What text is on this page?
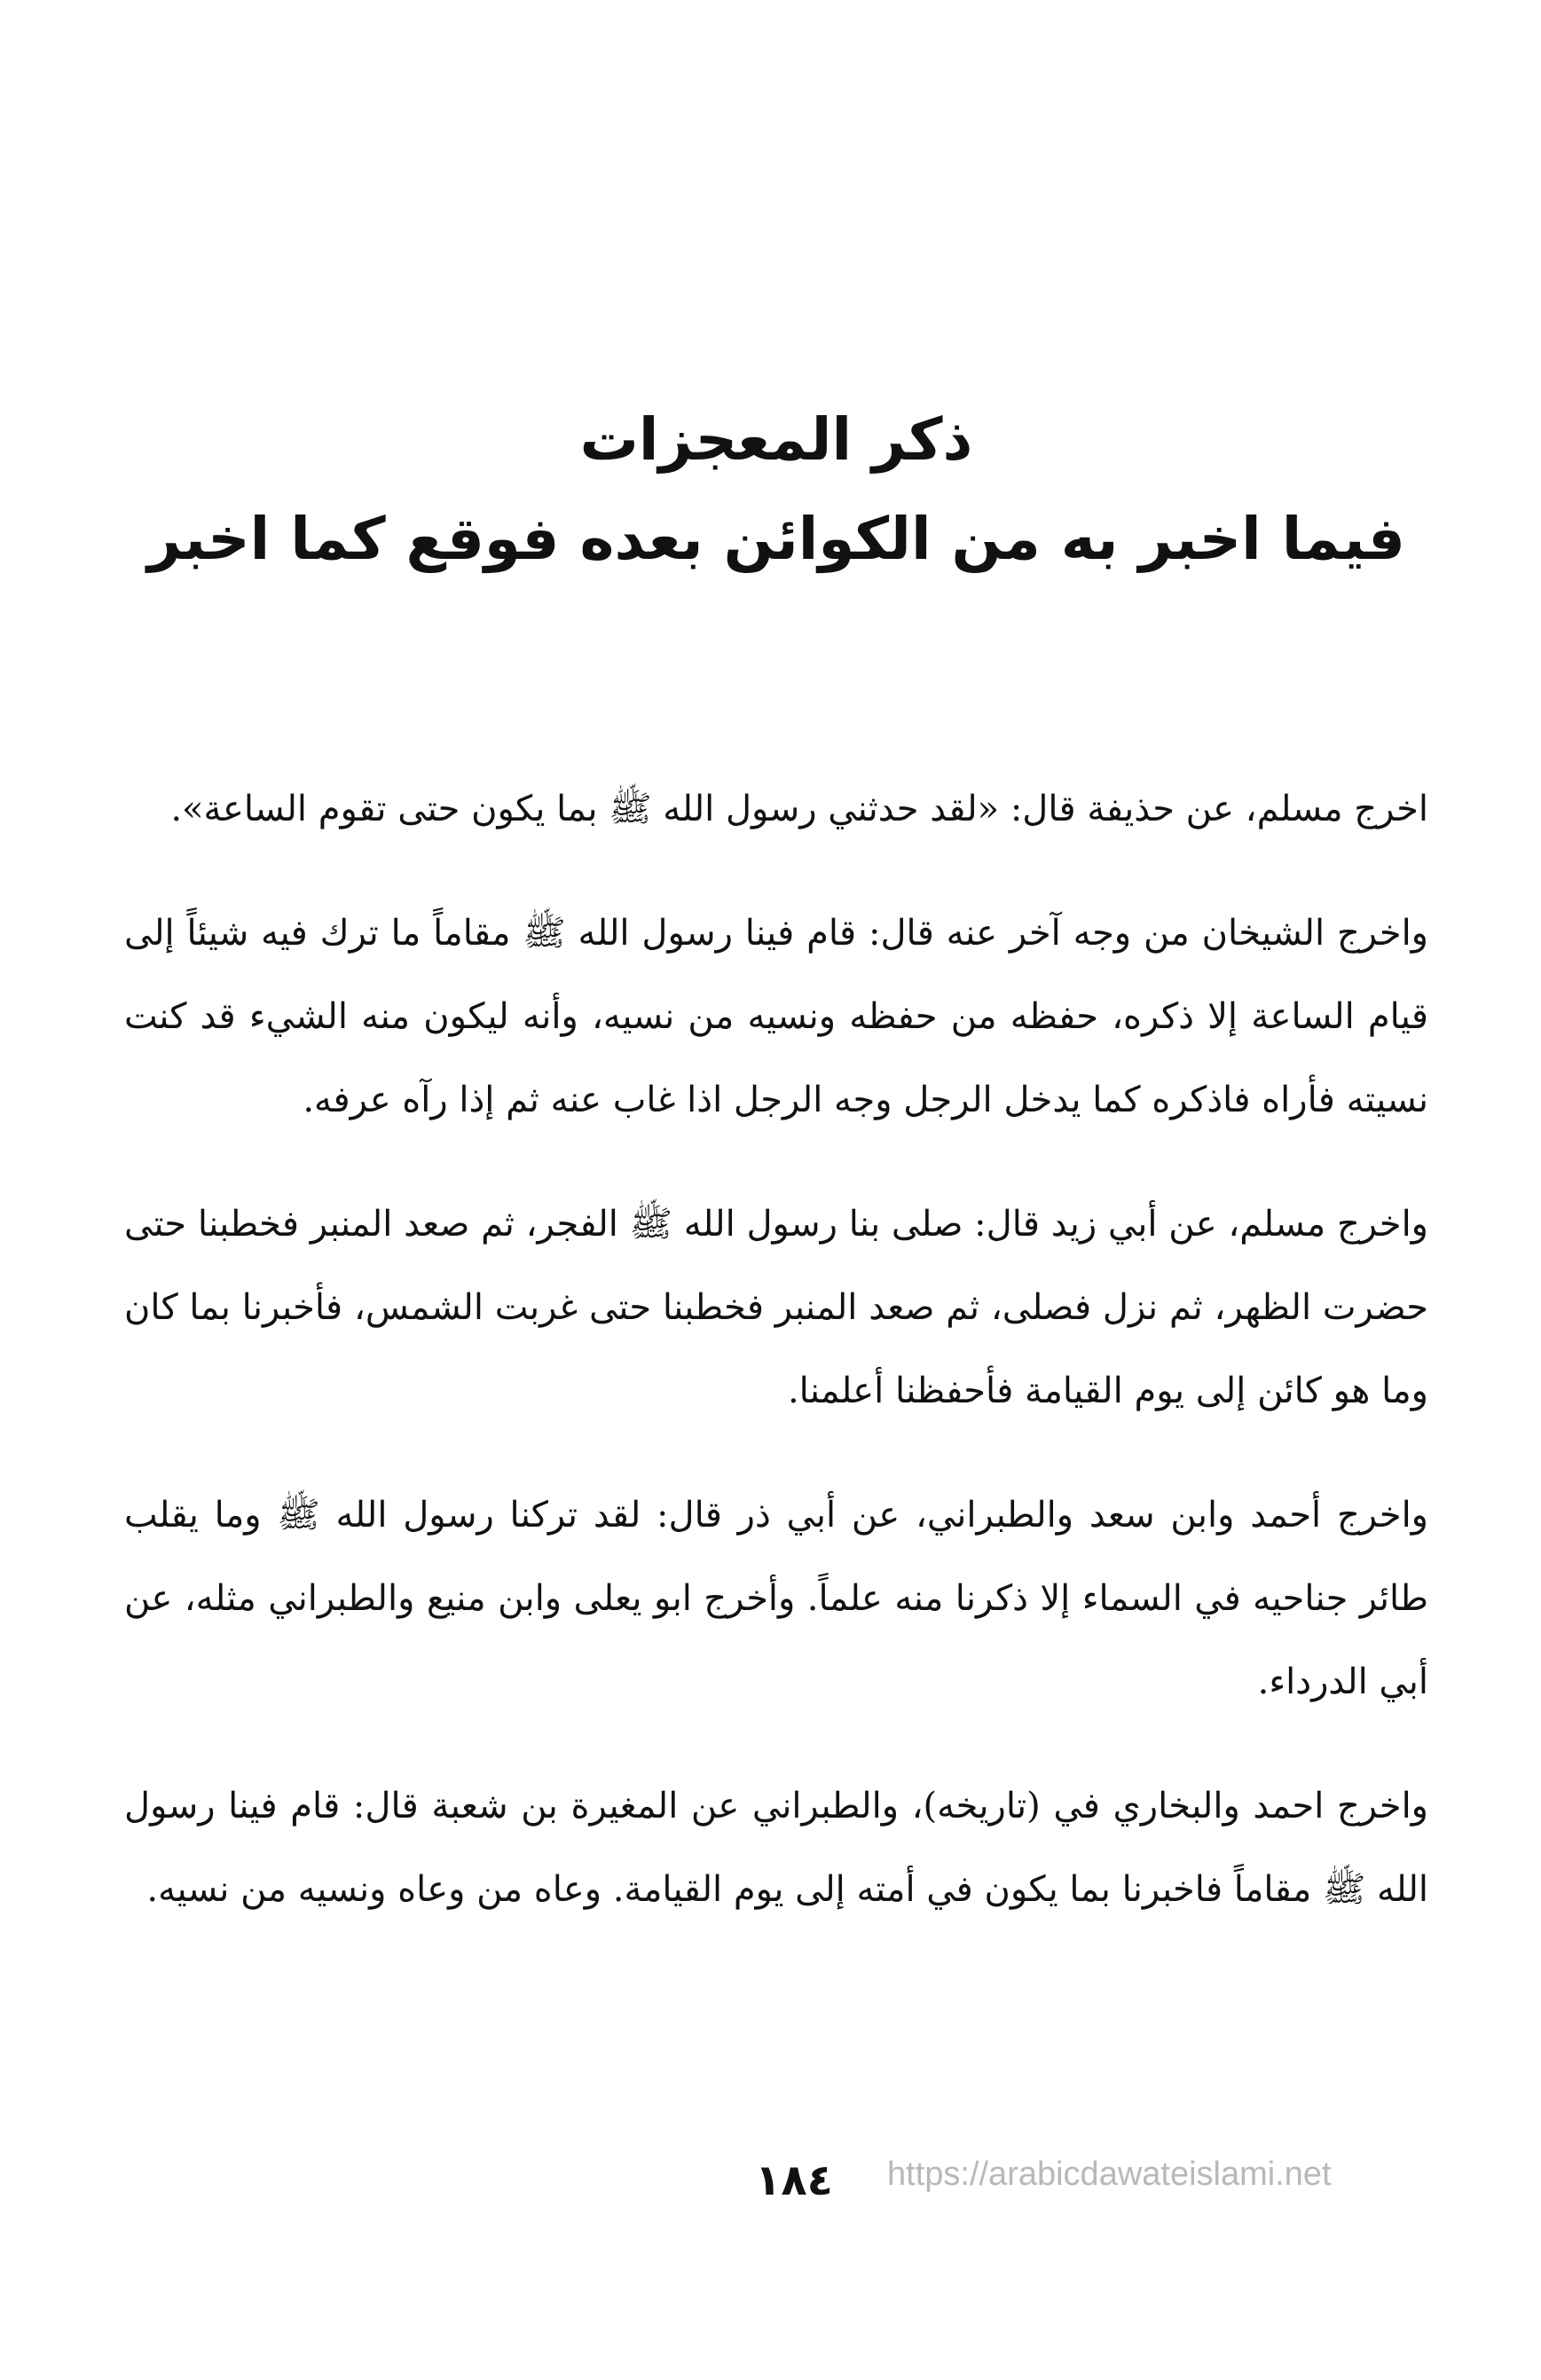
ذكر المعجزات
فيما اخبر به من الكوائن بعده فوقع كما اخبر

اخرج مسلم، عن حذيفة قال: «لقد حدثني رسول الله ﷺ بما يكون حتى تقوم الساعة».

واخرج الشيخان من وجه آخر عنه قال: قام فينا رسول الله ﷺ مقاماً ما ترك فيه شيئاً إلى قيام الساعة إلا ذكره، حفظه من حفظه ونسيه من نسيه، وأنه ليكون منه الشيء قد كنت نسيته فأراه فاذكره كما يدخل الرجل وجه الرجل اذا غاب عنه ثم إذا رآه عرفه.

واخرج مسلم، عن أبي زيد قال: صلى بنا رسول الله ﷺ الفجر، ثم صعد المنبر فخطبنا حتى حضرت الظهر، ثم نزل فصلى، ثم صعد المنبر فخطبنا حتى غربت الشمس، فأخبرنا بما كان وما هو كائن إلى يوم القيامة فأحفظنا أعلمنا.

واخرج أحمد وابن سعد والطبراني، عن أبي ذر قال: لقد تركنا رسول الله ﷺ وما يقلب طائر جناحيه في السماء إلا ذكرنا منه علماً. وأخرج ابو يعلى وابن منيع والطبراني مثله، عن أبي الدرداء.

واخرج احمد والبخاري في (تاريخه)، والطبراني عن المغيرة بن شعبة قال: قام فينا رسول الله ﷺ مقاماً فاخبرنا بما يكون في أمته إلى يوم القيامة. وعاه من وعاه ونسيه من نسيه.

١٨٤	https://arabicdawateislami.net
